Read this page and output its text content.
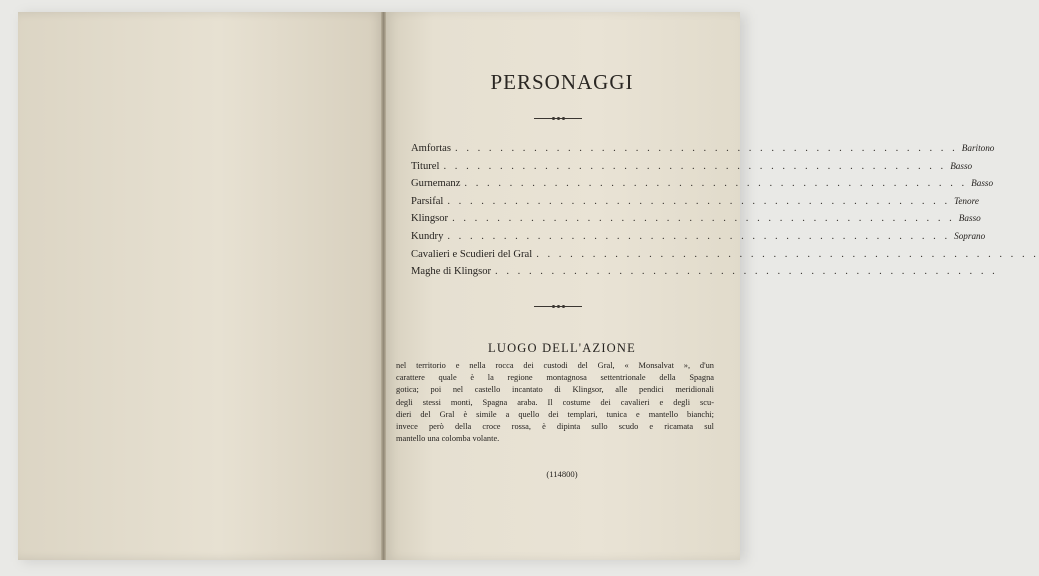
PERSONAGGI
Amfortas . . . . . . . . . . . . . . . . . . . . . . . . . . . . . . . . . . . . . . . . . . . . . Baritono
Titurel . . . . . . . . . . . . . . . . . . . . . . . . . . . . . . . . . . . . . . . . . . . . . Basso
Gurnemanz . . . . . . . . . . . . . . . . . . . . . . . . . . . . . . . . . . . . . . . . . . . . . Basso
Parsifal . . . . . . . . . . . . . . . . . . . . . . . . . . . . . . . . . . . . . . . . . . . . . Tenore
Klingsor . . . . . . . . . . . . . . . . . . . . . . . . . . . . . . . . . . . . . . . . . . . . . Basso
Kundry . . . . . . . . . . . . . . . . . . . . . . . . . . . . . . . . . . . . . . . . . . . . . Soprano
Cavalieri e Scudieri del Gral . . . . . . . . . . . . . . . . . . . . . . . . . . . . . . . . . . . . . . . . . . . . .
Maghe di Klingsor . . . . . . . . . . . . . . . . . . . . . . . . . . . . . . . . . . . . . . . . . . . . .
LUOGO DELL'AZIONE
nel territorio e nella rocca dei custodi del Gral, « Monsalvat », d'un
carattere quale è la regione montagnosa settentrionale della Spagna
gotica; poi nel castello incantato di Klingsor, alle pendici meridionali
degli stessi monti, Spagna araba. Il costume dei cavalieri e degli scu-
dieri del Gral è simile a quello dei templari, tunica e mantello bianchi;
invece però della croce rossa, è dipinta sullo scudo e ricamata sul
mantello una colomba volante.
(114800)
